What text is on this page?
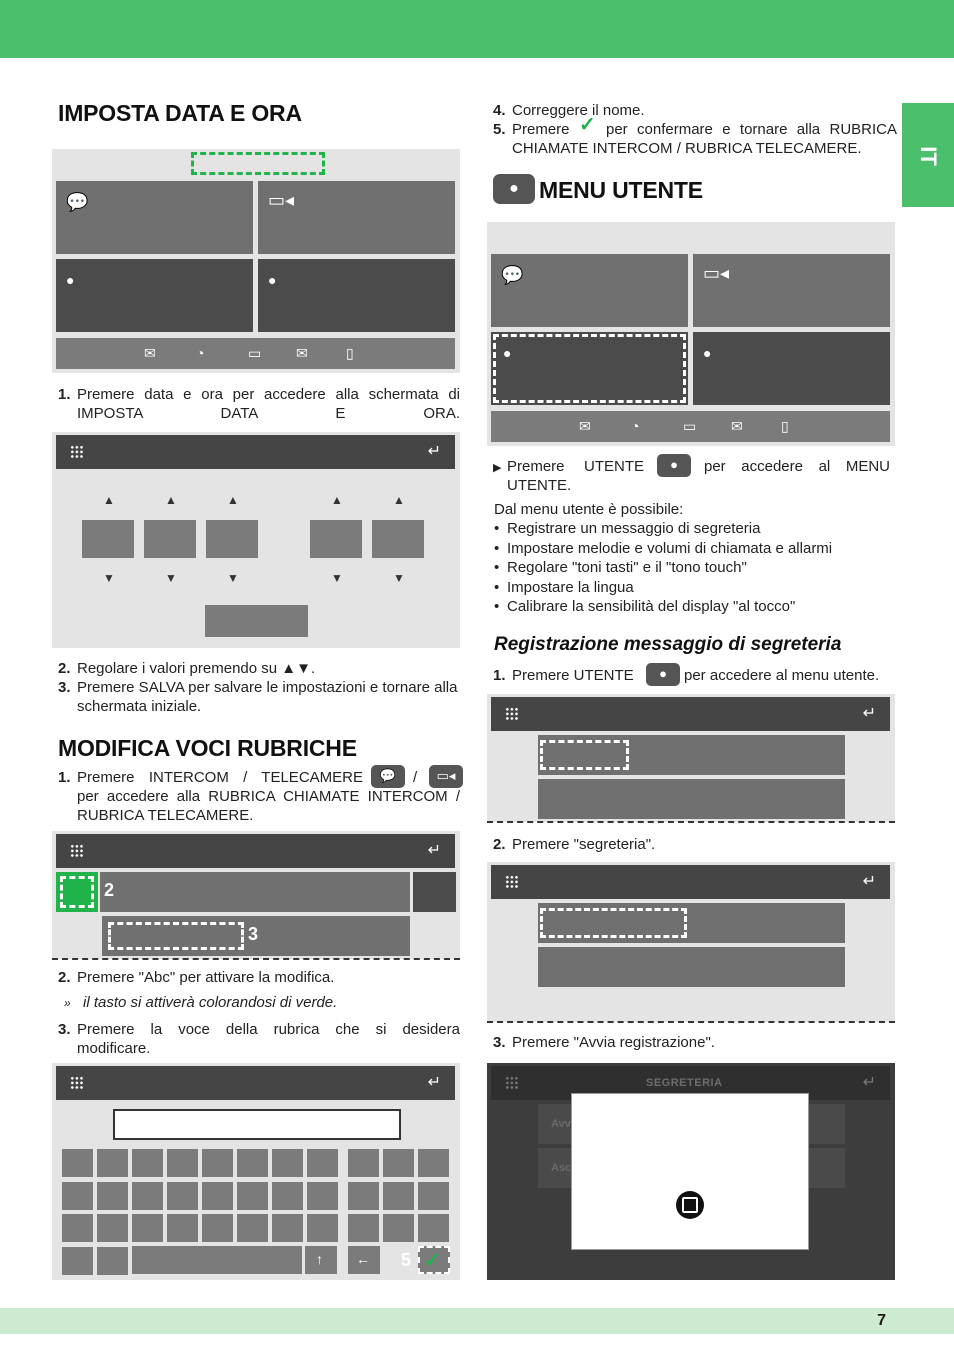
IT
IMPOSTA DATA E ORA
💬	▭◂
●	●
✉	◔	▭ ✉	▯
1. Premere data e ora per accedere alla schermata di IMPOSTA DATA E ORA.
↵
▲	▲	▲	▲	▲
▼	▼	▼	▼	▼
2. Regolare i valori premendo su ▲▼.
3. Premere SALVA per salvare le impostazioni e tornare alla schermata iniziale.
MODIFICA VOCI RUBRICHE
1. Premere INTERCOM / TELECAMERE	💬	/	▭◂
per accedere alla RUBRICA CHIAMATE INTERCOM /
RUBRICA TELECAMERE.
↵
2
3
2. Premere "Abc" per attivare la modifica.
» il tasto si attiverà colorandosi di verde.
3. Premere la voce della rubrica che si desidera
modificare.
↵
↑ ← 5 ✓
4. Correggere il nome.
5. Premere ✓ per confermare e tornare alla RUBRICA
CHIAMATE INTERCOM / RUBRICA TELECAMERE.
● MENU UTENTE
💬	▭◂
●	●
✉	◔	▭ ✉	▯
▶ Premere UTENTE	●	per accedere al MENU
UTENTE.
Dal menu utente è possibile:
• Registrare un messaggio di segreteria
• Impostare melodie e volumi di chiamata e allarmi
• Regolare "toni tasti" e il "tono touch"
• Impostare la lingua
• Calibrare la sensibilità del display "al tocco"
Registrazione messaggio di segreteria
1. Premere UTENTE	●	per accedere al menu utente.
↵
2. Premere "segreteria".
↵
3. Premere "Avvia registrazione".
SEGRETERIA	↵
Avv
Asc
7
